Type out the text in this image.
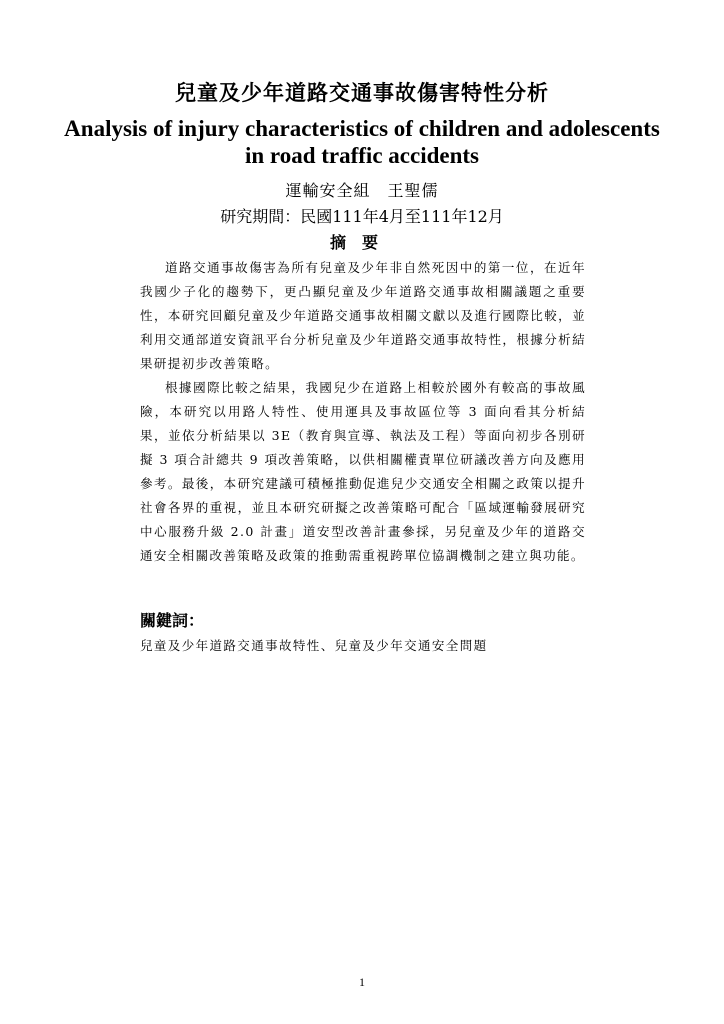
兒童及少年道路交通事故傷害特性分析
Analysis of injury characteristics of children and adolescents in road traffic accidents
運輸安全組　王聖儒
研究期間：民國111年4月至111年12月
摘要

道路交通事故傷害為所有兒童及少年非自然死因中的第一位，在近年我國少子化的趨勢下，更凸顯兒童及少年道路交通事故相關議題之重要性，本研究回顧兒童及少年道路交通事故相關文獻以及進行國際比較，並利用交通部道安資訊平台分析兒童及少年道路交通事故特性，根據分析結果研提初步改善策略。

根據國際比較之結果，我國兒少在道路上相較於國外有較高的事故風險，本研究以用路人特性、使用運具及事故區位等 3 面向看其分析結果，並依分析結果以 3E（教育與宣導、執法及工程）等面向初步各別研擬 3 項合計總共 9 項改善策略，以供相關權責單位研議改善方向及應用參考。最後，本研究建議可積極推動促進兒少交通安全相關之政策以提升社會各界的重視，並且本研究研擬之改善策略可配合「區域運輸發展研究中心服務升級 2.0 計畫」道安型改善計畫參採，另兒童及少年的道路交通安全相關改善策略及政策的推動需重視跨單位協調機制之建立與功能。

關鍵詞：
兒童及少年道路交通事故特性、兒童及少年交通安全問題
1
